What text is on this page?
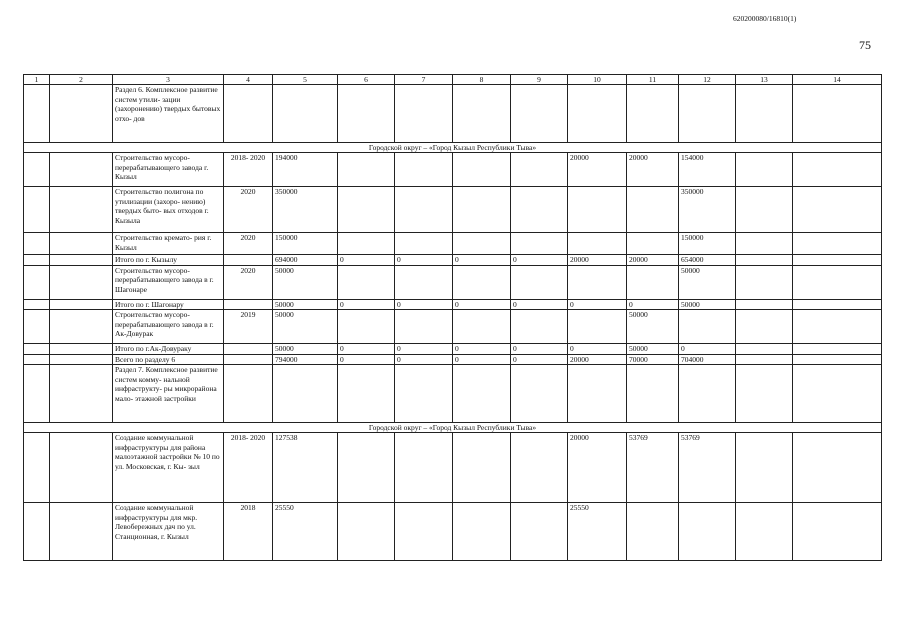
620200080/16810(1)
75
1	2	3	4	5	6	7	8	9	10	11	12	13	14
		Раздел 6. Комплексное развитие систем утили- зации (захоронению) твердых бытовых отхо- дов											
Городской округ – «Город Кызыл Республики Тыва»													
		Строительство мусоро- перерабатывающего завода г. Кызыл	2018- 2020	194000					20000	20000	154000		
		Строительство полигона по утилизации (захоро- нению) твердых быто- вых отходов г. Кызыла	2020	350000							350000		
		Строительство кремато- рия г. Кызыл	2020	150000							150000		
		Итого по г. Кызылу		694000	0	0	0	0	20000	20000	654000		
		Строительство мусоро- перерабатывающего завода в г. Шагонаре	2020	50000							50000		
		Итого по г. Шагонару		50000	0	0	0	0	0	0	50000		
		Строительство мусоро- перерабатывающего завода в г. Ак-Довурак	2019	50000						50000			
		Итого по г.Ак-Довураку		50000	0	0	0	0	0	50000	0		
		Всего по разделу 6		794000	0	0	0	0	20000	70000	704000		
		Раздел 7. Комплексное развитие систем комму- нальной инфраструкту- ры микрорайона мало- этажной застройки											
Городской округ – «Город Кызыл Республики Тыва»													
		Создание коммунальной инфраструктуры для района малоэтажной застройки № 10 по ул. Московская, г. Кы- зыл	2018- 2020	127538					20000	53769	53769		
		Создание коммунальной инфраструктуры для мкр. Левобережных дач по ул. Станционная, г. Кызыл	2018	25550					25550				
